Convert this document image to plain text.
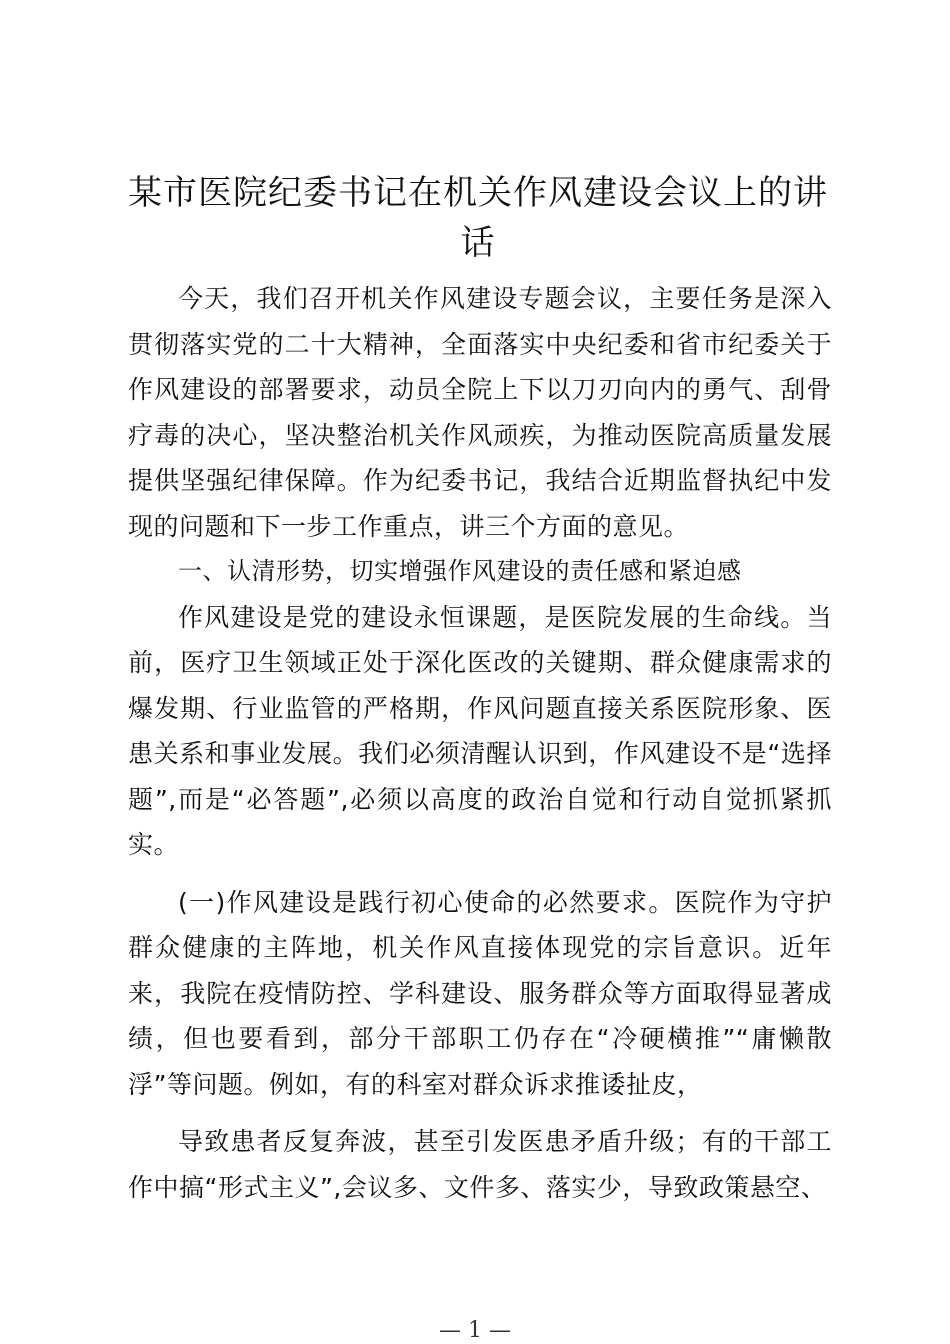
某市医院纪委书记在机关作风建设会议上的讲话

今天，我们召开机关作风建设专题会议，主要任务是深入贯彻落实党的二十大精神，全面落实中央纪委和省市纪委关于作风建设的部署要求，动员全院上下以刀刃向内的勇气、刮骨疗毒的决心，坚决整治机关作风顽疾，为推动医院高质量发展提供坚强纪律保障。作为纪委书记，我结合近期监督执纪中发现的问题和下一步工作重点，讲三个方面的意见。

一、认清形势，切实增强作风建设的责任感和紧迫感

作风建设是党的建设永恒课题，是医院发展的生命线。当前，医疗卫生领域正处于深化医改的关键期、群众健康需求的爆发期、行业监管的严格期，作风问题直接关系医院形象、医患关系和事业发展。我们必须清醒认识到，作风建设不是“选择题”,而是“必答题”,必须以高度的政治自觉和行动自觉抓紧抓实。

(一)作风建设是践行初心使命的必然要求。医院作为守护群众健康的主阵地，机关作风直接体现党的宗旨意识。近年来，我院在疫情防控、学科建设、服务群众等方面取得显著成绩，但也要看到，部分干部职工仍存在“冷硬横推”“庸懒散浮”等问题。例如，有的科室对群众诉求推诿扯皮，

导致患者反复奔波，甚至引发医患矛盾升级；有的干部工作中搞“形式主义”,会议多、文件多、落实少，导致政策悬空、

— 1 —
